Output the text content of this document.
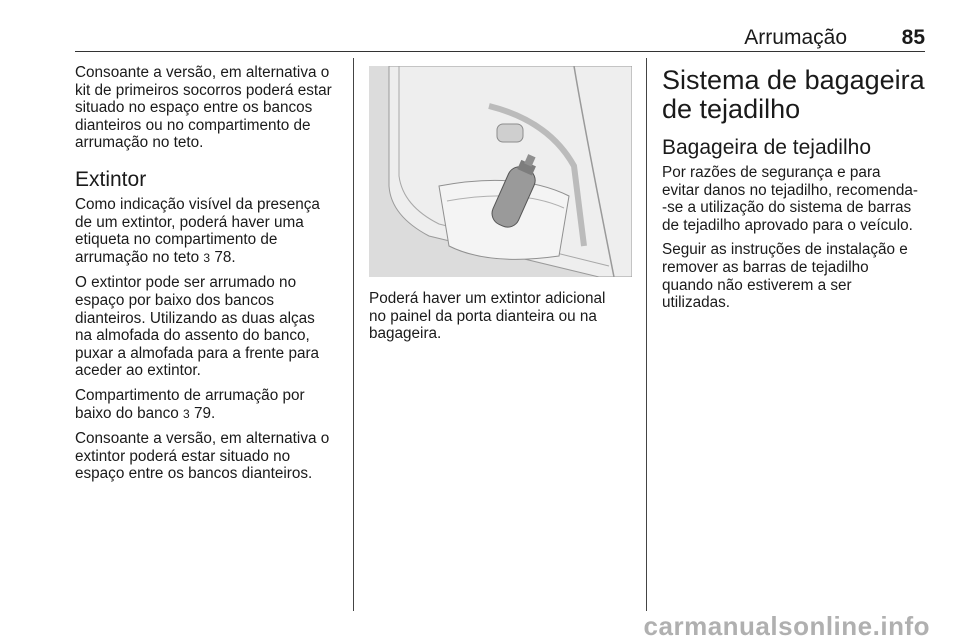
Arrumação	85

Consoante a versão, em alternativa o
kit de primeiros socorros poderá estar
situado no espaço entre os bancos
dianteiros ou no compartimento de
arrumação no teto.

Extintor

Como indicação visível da presença
de um extintor, poderá haver uma
etiqueta no compartimento de
arrumação no teto 3 78.

O extintor pode ser arrumado no
espaço por baixo dos bancos
dianteiros. Utilizando as duas alças
na almofada do assento do banco,
puxar a almofada para a frente para
aceder ao extintor.

Compartimento de arrumação por
baixo do banco 3 79.

Consoante a versão, em alternativa o
extintor poderá estar situado no
espaço entre os bancos dianteiros.

Poderá haver um extintor adicional
no painel da porta dianteira ou na
bagageira.
Sistema de bagageira
de tejadilho
Bagageira de tejadilho

Por razões de segurança e para
evitar danos no tejadilho, recomenda-
-se a utilização do sistema de barras
de tejadilho aprovado para o veículo.

Seguir as instruções de instalação e
remover as barras de tejadilho
quando não estiverem a ser
utilizadas.

carmanualsonline.info
